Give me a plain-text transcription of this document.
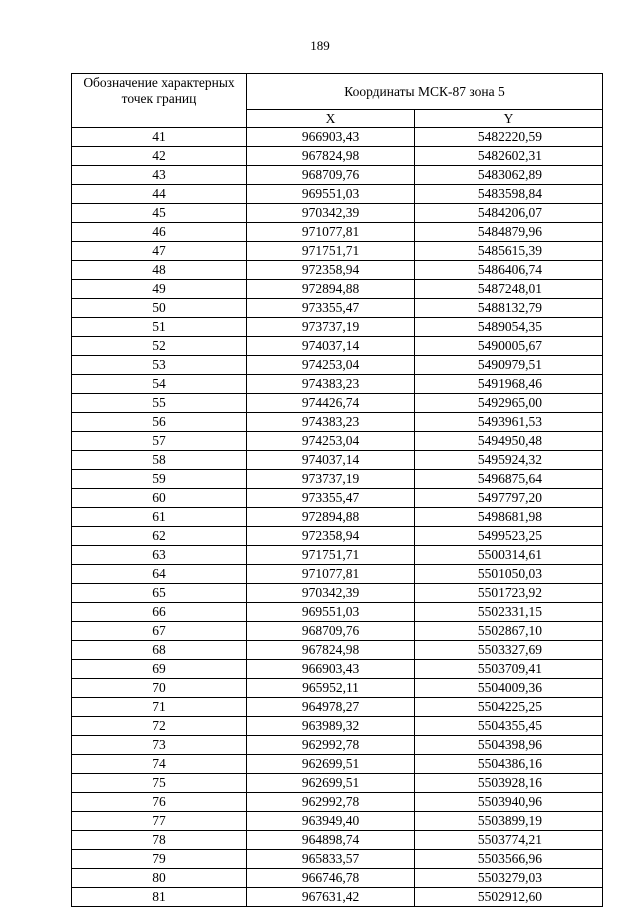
189
Обозначение характерных точек границ	Координаты МСК-87 зона 5	
	X	Y
41	966903,43	5482220,59
42	967824,98	5482602,31
43	968709,76	5483062,89
44	969551,03	5483598,84
45	970342,39	5484206,07
46	971077,81	5484879,96
47	971751,71	5485615,39
48	972358,94	5486406,74
49	972894,88	5487248,01
50	973355,47	5488132,79
51	973737,19	5489054,35
52	974037,14	5490005,67
53	974253,04	5490979,51
54	974383,23	5491968,46
55	974426,74	5492965,00
56	974383,23	5493961,53
57	974253,04	5494950,48
58	974037,14	5495924,32
59	973737,19	5496875,64
60	973355,47	5497797,20
61	972894,88	5498681,98
62	972358,94	5499523,25
63	971751,71	5500314,61
64	971077,81	5501050,03
65	970342,39	5501723,92
66	969551,03	5502331,15
67	968709,76	5502867,10
68	967824,98	5503327,69
69	966903,43	5503709,41
70	965952,11	5504009,36
71	964978,27	5504225,25
72	963989,32	5504355,45
73	962992,78	5504398,96
74	962699,51	5504386,16
75	962699,51	5503928,16
76	962992,78	5503940,96
77	963949,40	5503899,19
78	964898,74	5503774,21
79	965833,57	5503566,96
80	966746,78	5503279,03
81	967631,42	5502912,60
